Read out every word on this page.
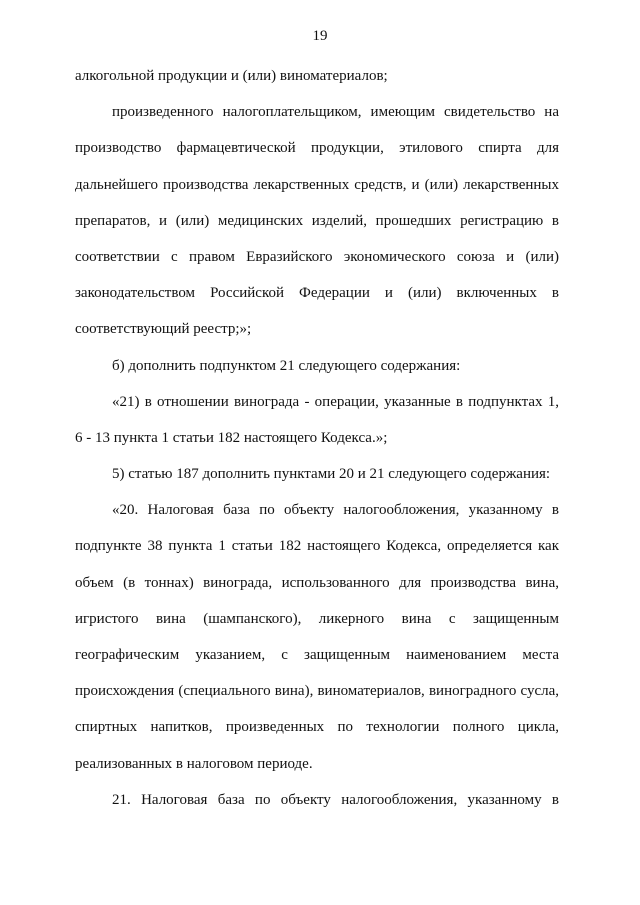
19
алкогольной продукции и (или) виноматериалов;
произведенного налогоплательщиком, имеющим свидетельство на
производство фармацевтической продукции, этилового спирта для
дальнейшего производства лекарственных средств, и (или) лекарственных
препаратов, и (или) медицинских изделий, прошедших регистрацию в
соответствии с правом Евразийского экономического союза и (или)
законодательством Российской Федерации и (или) включенных в
соответствующий реестр;»;
б) дополнить подпунктом 21 следующего содержания:
«21) в отношении винограда - операции, указанные в подпунктах 1,
6 - 13 пункта 1 статьи 182 настоящего Кодекса.»;
5) статью 187 дополнить пунктами 20 и 21 следующего содержания:
«20. Налоговая база по объекту налогообложения, указанному в
подпункте 38 пункта 1 статьи 182 настоящего Кодекса, определяется как
объем (в тоннах) винограда, использованного для производства вина,
игристого вина (шампанского), ликерного вина с защищенным
географическим указанием, с защищенным наименованием места
происхождения (специального вина), виноматериалов, виноградного сусла,
спиртных напитков, произведенных по технологии полного цикла,
реализованных в налоговом периоде.
21. Налоговая база по объекту налогообложения, указанному в
